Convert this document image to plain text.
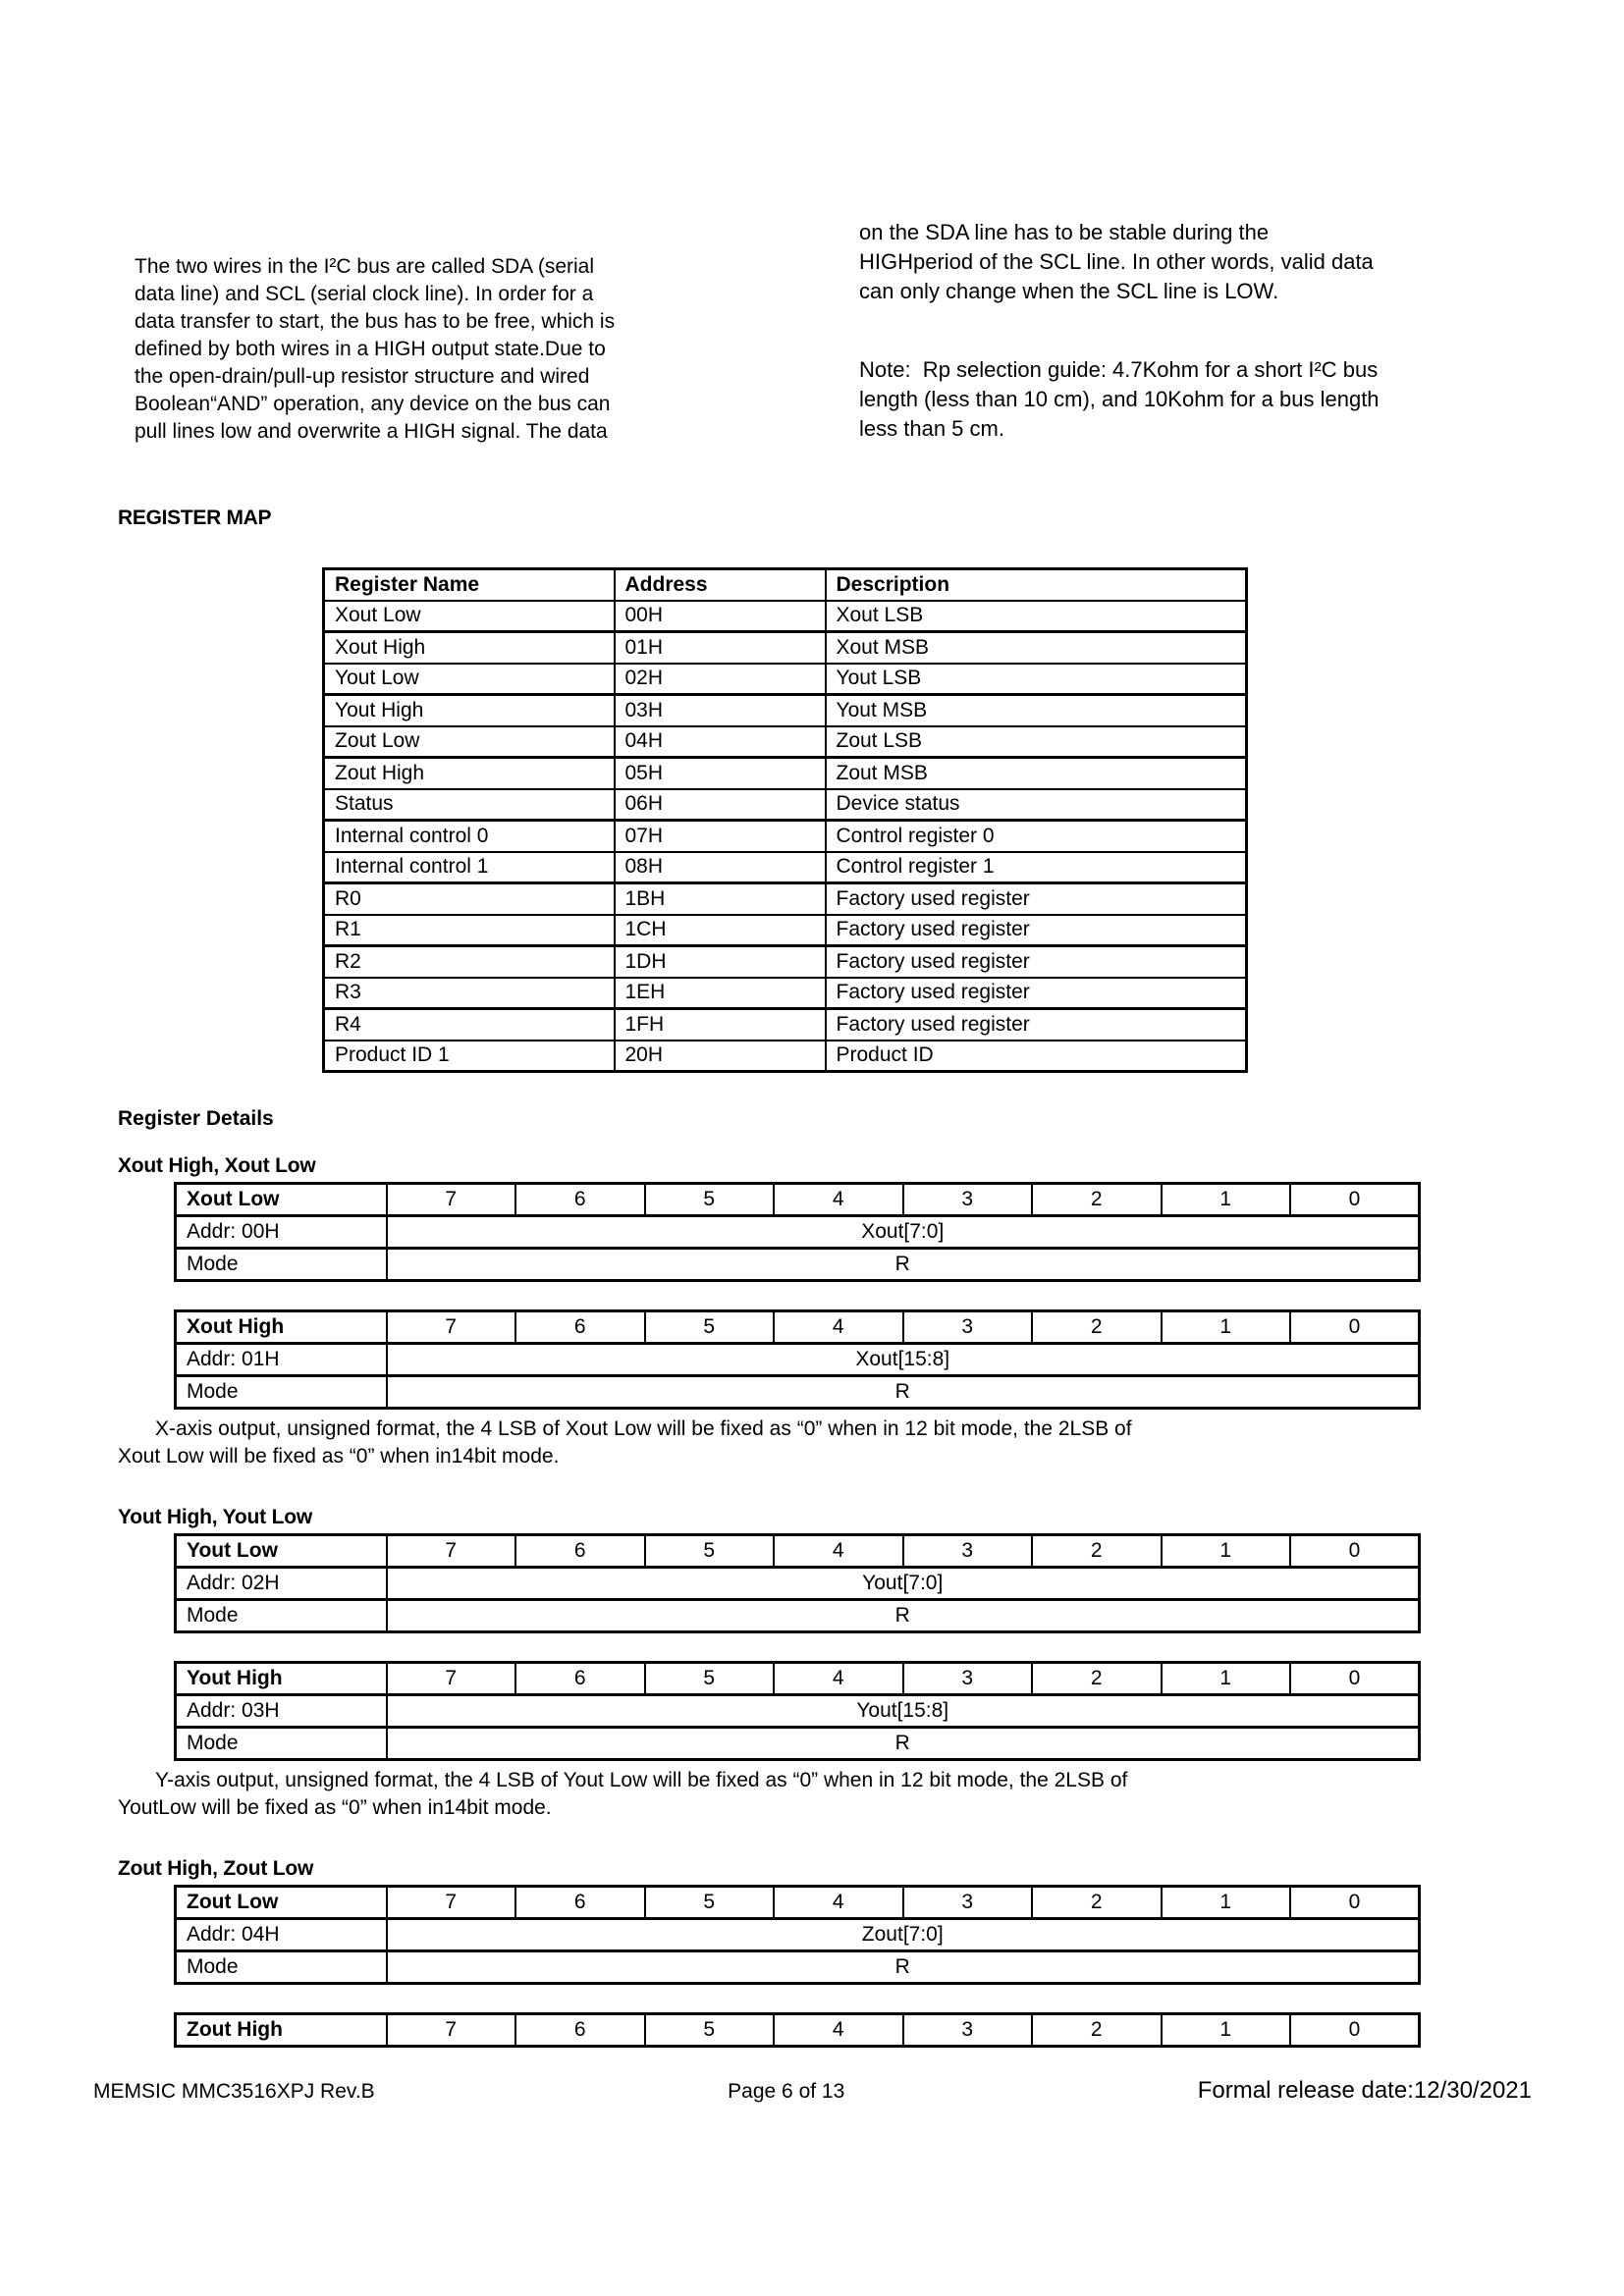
The two wires in the I²C bus are called SDA (serial
data line) and SCL (serial clock line). In order for a
data transfer to start, the bus has to be free, which is
defined by both wires in a HIGH output state.Due to
the open-drain/pull-up resistor structure and wired
Boolean“AND” operation, any device on the bus can
pull lines low and overwrite a HIGH signal. The data
on the SDA line has to be stable during the
HIGHperiod of the SCL line. In other words, valid data
can only change when the SCL line is LOW.
Note:  Rp selection guide: 4.7Kohm for a short I²C bus
length (less than 10 cm), and 10Kohm for a bus length
less than 5 cm.
REGISTER MAP
Register Name	Address	Description
Xout Low	00H	Xout LSB
Xout High	01H	Xout MSB
Yout Low	02H	Yout LSB
Yout High	03H	Yout MSB
Zout Low	04H	Zout LSB
Zout High	05H	Zout MSB
Status	06H	Device status
Internal control 0	07H	Control register 0
Internal control 1	08H	Control register 1
R0	1BH	Factory used register
R1	1CH	Factory used register
R2	1DH	Factory used register
R3	1EH	Factory used register
R4	1FH	Factory used register
Product ID 1	20H	Product ID
Register Details
Xout High, Xout Low
Xout Low	7	6	5	4	3	2	1	0
Addr: 00H	Xout[7:0]							
Mode	R							
Xout High	7	6	5	4	3	2	1	0
Addr: 01H	Xout[15:8]							
Mode	R							
X-axis output, unsigned format, the 4 LSB of Xout Low will be fixed as “0” when in 12 bit mode, the 2LSB of
Xout Low will be fixed as “0” when in14bit mode.
Yout High, Yout Low
Yout Low	7	6	5	4	3	2	1	0
Addr: 02H	Yout[7:0]							
Mode	R							
Yout High	7	6	5	4	3	2	1	0
Addr: 03H	Yout[15:8]							
Mode	R							
Y-axis output, unsigned format, the 4 LSB of Yout Low will be fixed as “0” when in 12 bit mode, the 2LSB of
YoutLow will be fixed as “0” when in14bit mode.
Zout High, Zout Low
Zout Low	7	6	5	4	3	2	1	0
Addr: 04H	Zout[7:0]							
Mode	R							
Zout High	7	6	5	4	3	2	1	0
MEMSIC MMC3516XPJ Rev.B	Page 6 of 13	Formal release date:12/30/2021
